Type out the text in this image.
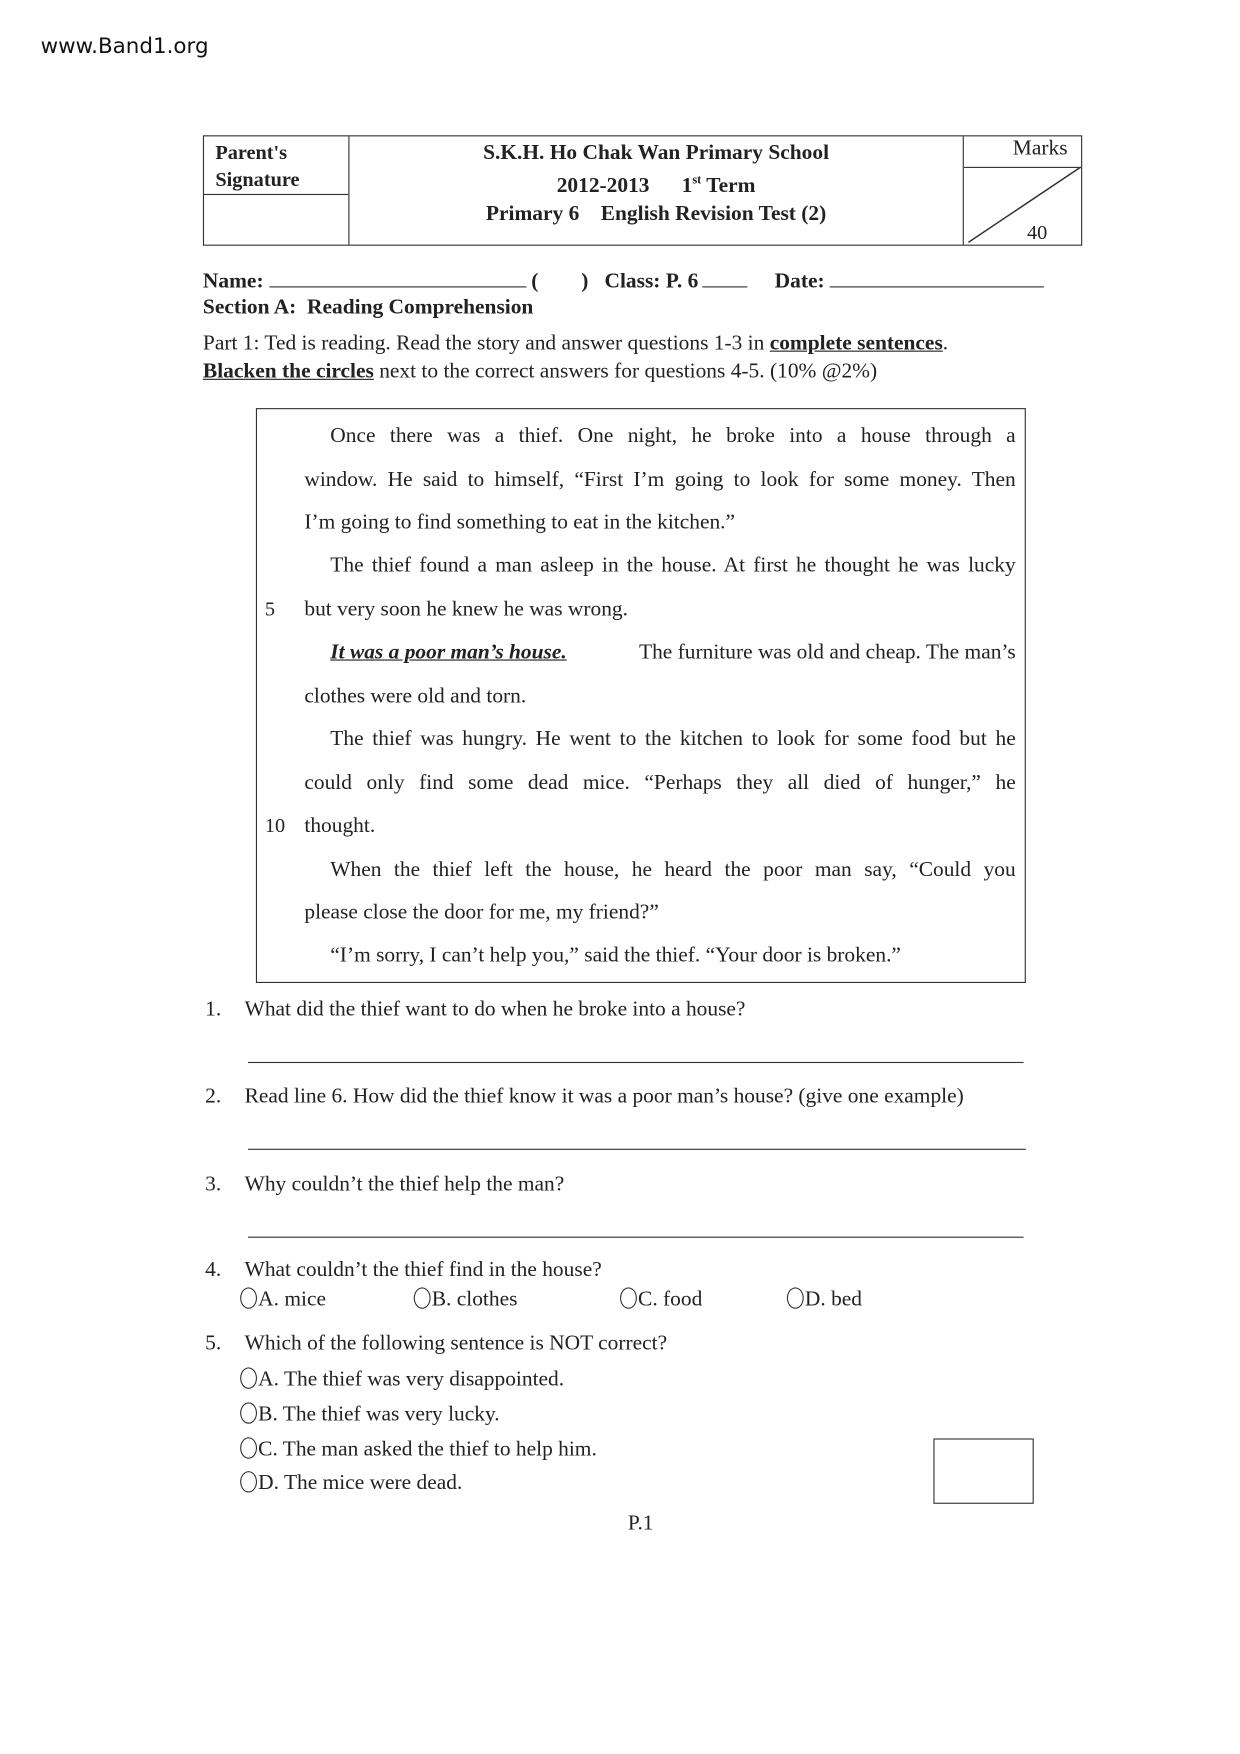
www.Band1.org
Parent's
Signature
S.K.H. Ho Chak Wan Primary School
2012-2013 1st Term
Primary 6    English Revision Test (2)
Marks
40
Name:	( ) Class: P. 6	Date:
Section A:  Reading Comprehension
Part 1: Ted is reading. Read the story and answer questions 1-3 in complete sentences.
Blacken the circles next to the correct answers for questions 4-5. (10% @2%)
Once there was a thief. One night, he broke into a house through a
window. He said to himself, “First I’m going to look for some money. Then
I’m going to find something to eat in the kitchen.”
The thief found a man asleep in the house. At first he thought he was lucky
5 but very soon he knew he was wrong.
It was a poor man’s house.	The furniture was old and cheap. The man’s
clothes were old and torn.
The thief was hungry. He went to the kitchen to look for some food but he
could only find some dead mice. “Perhaps they all died of hunger,” he
10 thought.
When the thief left the house, he heard the poor man say, “Could you
please close the door for me, my friend?”
“I’m sorry, I can’t help you,” said the thief. “Your door is broken.”
1. What did the thief want to do when he broke into a house?
2. Read line 6. How did the thief know it was a poor man’s house? (give one example)
3. Why couldn’t the thief help the man?
4. What couldn’t the thief find in the house?
A. mice	B. clothes	C. food	D. bed
5. Which of the following sentence is NOT correct?
A. The thief was very disappointed.
B. The thief was very lucky.
C. The man asked the thief to help him.
D. The mice were dead.
P.1
